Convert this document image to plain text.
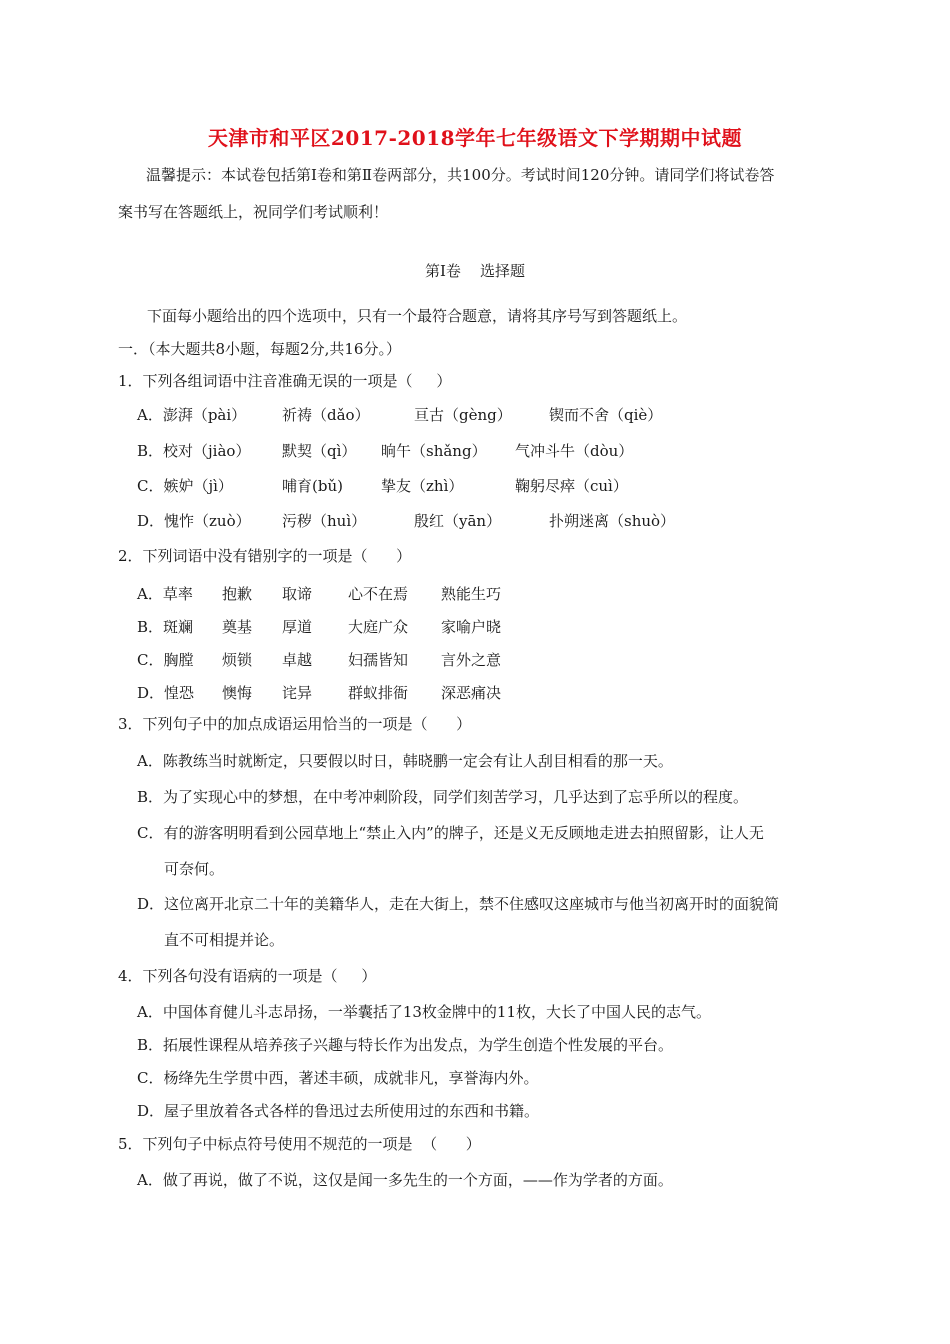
天津市和平区2017-2018学年七年级语文下学期期中试题
温馨提示：本试卷包括第Ⅰ卷和第Ⅱ卷两部分，共100分。考试时间120分钟。请同学们将试卷答
案书写在答题纸上，祝同学们考试顺利！
第Ⅰ卷    选择题
下面每小题给出的四个选项中，只有一个最符合题意，请将其序号写到答题纸上。
一．（本大题共8小题，每题2分,共16分。）
1．下列各组词语中注音准确无误的一项是（     ）
A．澎湃（pài） 祈祷（dǎo）	亘古（gèng） 锲而不舍（qiè）
B．校对（jiào） 默契（qì） 晌午（shǎng） 气冲斗牛（dòu）
C．嫉妒（jì）	哺育(bǔ)	挚友（zhì）	鞠躬尽瘁（cuì）
D．愧怍（zuò） 污秽（huì）	殷红（yān）	扑朔迷离（shuò）
2．下列词语中没有错别字的一项是（      ）
A．草率 抱歉 取谛 心不在焉 熟能生巧
B．斑斓 奠基 厚道 大庭广众 家喻户晓
C．胸膛 烦锁 卓越 妇孺皆知 言外之意
D．惶恐 懊悔 诧异 群蚁排衙 深恶痛决
3．下列句子中的加点成语运用恰当的一项是（      ）
A．陈教练当时就断定，只要假以时日，韩晓鹏一定会有让人刮目相看的那一天。
B．为了实现心中的梦想，在中考冲刺阶段，同学们刻苦学习，几乎达到了忘乎所以的程度。
C．有的游客明明看到公园草地上“禁止入内”的牌子，还是义无反顾地走进去拍照留影，让人无
可奈何。
D．这位离开北京二十年的美籍华人，走在大街上，禁不住感叹这座城市与他当初离开时的面貌简
直不可相提并论。
4．下列各句没有语病的一项是（     ）
A．中国体育健儿斗志昂扬，一举囊括了13枚金牌中的11枚，大长了中国人民的志气。
B．拓展性课程从培养孩子兴趣与特长作为出发点，为学生创造个性发展的平台。
C．杨绛先生学贯中西，著述丰硕，成就非凡，享誉海内外。
D．屋子里放着各式各样的鲁迅过去所使用过的东西和书籍。
5．下列句子中标点符号使用不规范的一项是  （      ）
A．做了再说，做了不说，这仅是闻一多先生的一个方面，——作为学者的方面。
